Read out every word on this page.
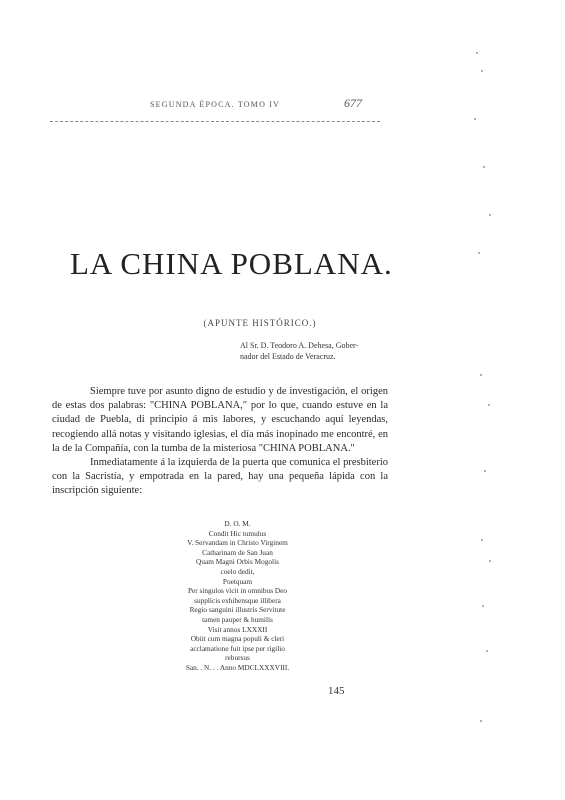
SEGUNDA ÉPOCA. TOMO IV	677
LA CHINA POBLANA.
(APUNTE HISTÓRICO.)
Al Sr. D. Teodoro A. Dehesa, Gober-
nador del Estado de Veracruz.

Siempre tuve por asunto digno de estudio y de investigación, el origen de estas dos palabras: "CHINA POBLANA," por lo que, cuando estuve en la ciudad de Puebla, di principio á mis labores, y escuchando aquí leyendas, recogiendo allá notas y visitando iglesias, el día más inopinado me encontré, en la de la Compañía, con la tumba de la misteriosa "CHINA POBLANA."

Inmediatamente á la izquierda de la puerta que comunica el presbiterio con la Sacristía, y empotrada en la pared, hay una pequeña lápida con la inscripción siguiente:

D. O. M.
Condit Hic tumulus
V. Servandam in Christo Virginem
Catharinam de San Juan
Quam Magni Orbis Mogolis
coelo dedit,
Poetquam
Per singulos vicit in omnibus Deo
supplicis exhibensque illibera
Regio sanguini illustris Servitute
tamen pauper & humilis
Visit annos LXXXII
Obiit cum magna populi & cleri
acclamatione fuit ipse per rigilio
rebursus
San. . N. . . Anno MDCLXXXVIII.
145
